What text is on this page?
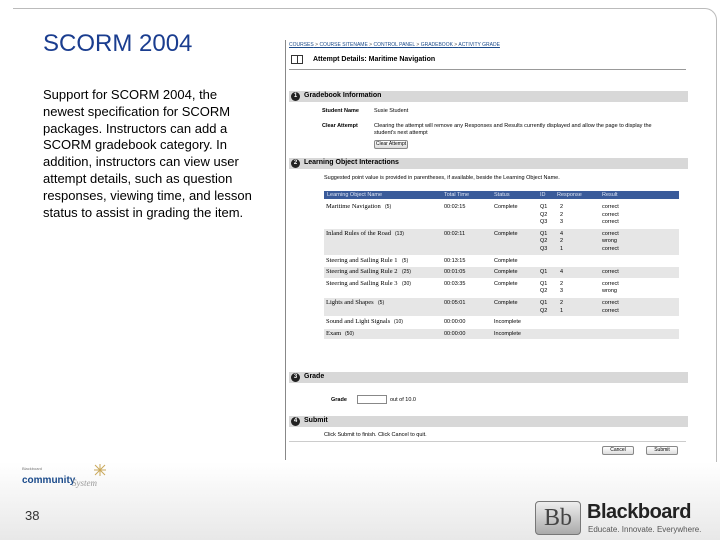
SCORM 2004
Support for SCORM 2004, the newest specification for SCORM packages. Instructors can add a SCORM gradebook category. In addition, instructors can view user attempt details, such as question responses, viewing time, and lesson status to assist in grading the item.
COURSES > COURSE SITENAME > CONTROL PANEL > GRADEBOOK > ACTIVITY GRADE
Attempt Details: Maritime Navigation
1 Gradebook Information
Student Name	Susie Student
Clear Attempt	Clearing the attempt will remove any Responses and Results currently displayed and allow the page to display the student's next attempt
Clear Attempt
2 Learning Object Interactions
Suggested point value is provided in parentheses, if available, beside the Learning Object Name.
Learning Object Name	Total Time	Status	ID Response	Result
Maritime Navigation (5)	00:02:15	Complete	Q1 2	correct
Q2 2	correct
Q3 3	correct
Inland Rules of the Road (13)	00:02:11	Complete	Q1 4	correct
Q2 2	wrong
Q3 1	correct
Steering and Sailing Rule 1 (5)	00:13:15	Complete
Steering and Sailing Rule 2 (25)	00:01:05	Complete	Q1 4	correct
Steering and Sailing Rule 3 (30)	00:03:35	Complete	Q1 2	correct
Q2 3	wrong
Lights and Shapes (5)	00:05:01	Complete	Q1 2	correct
Q2 1	correct
Sound and Light Signals (10)	00:00:00	Incomplete
Exam (50)	00:00:00	Incomplete
3 Grade
Grade	out of 10.0
4 Submit
Click Submit to finish. Click Cancel to quit.
Cancel	Submit
Blackboard
community
System
38	Bb Blackboard
Educate. Innovate. Everywhere.
